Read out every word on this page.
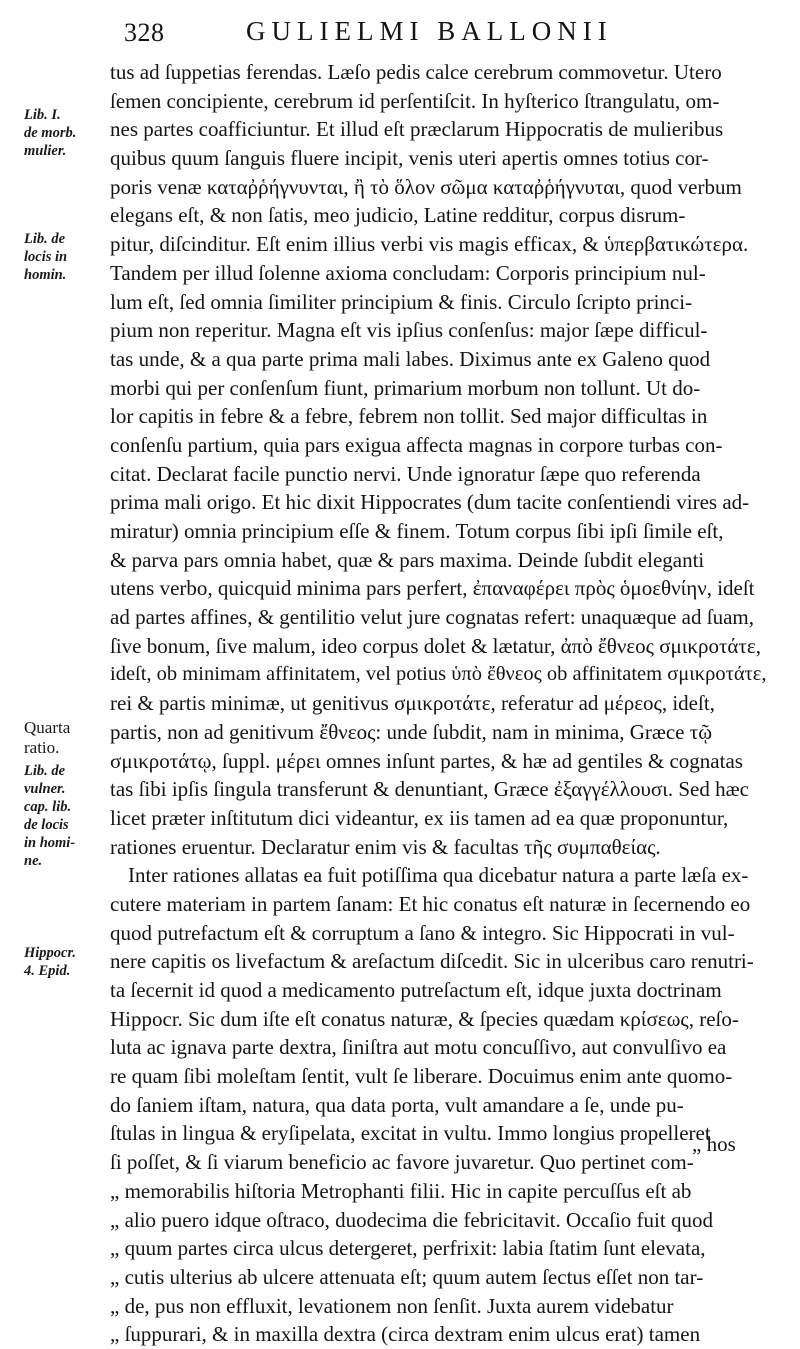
328	GULIELMI BALLONII
Lib. I.
de morb.
mulier.
Lib. de
locis in
homin.
Quarta
ratio.
Lib. de
vulner.
cap. lib.
de locis
in homi-
ne.
Hippocr.
4. Epid.
tus ad ſuppetias ferendas. Læſo pedis calce cerebrum commovetur. Utero
ſemen concipiente, cerebrum id perſentiſcit. In hyſterico ſtrangulatu, om-
nes partes coafficiuntur. Et illud eſt præclarum Hippocratis de mulieribus
quibus quum ſanguis fluere incipit, venis uteri apertis omnes totius cor-
poris venæ καταῤῥήγνυνται, ἢ τὸ ὅλον σῶμα καταῤῥήγνυται, quod verbum
elegans eſt, & non ſatis, meo judicio, Latine redditur, corpus disrum-
pitur, diſcinditur. Eſt enim illius verbi vis magis efficax, & ὑπερβατικώτερα.
Tandem per illud ſolenne axioma concludam: Corporis principium nul-
lum eſt, ſed omnia ſimiliter principium & finis. Circulo ſcripto princi-
pium non reperitur. Magna eſt vis ipſius conſenſus: major ſæpe difficul-
tas unde, & a qua parte prima mali labes. Diximus ante ex Galeno quod
morbi qui per conſenſum fiunt, primarium morbum non tollunt. Ut do-
lor capitis in febre & a febre, febrem non tollit. Sed major difficultas in
conſenſu partium, quia pars exigua affecta magnas in corpore turbas con-
citat. Declarat facile punctio nervi. Unde ignoratur ſæpe quo referenda
prima mali origo. Et hic dixit Hippocrates (dum tacite conſentiendi vires ad-
miratur) omnia principium eſſe & finem. Totum corpus ſibi ipſi ſimile eſt,
& parva pars omnia habet, quæ & pars maxima. Deinde ſubdit eleganti
utens verbo, quicquid minima pars perfert, ἐπαναφέρει πρὸς ὁμοεθνίην, ideſt
ad partes affines, & gentilitio velut jure cognatas refert: unaquæque ad ſuam,
ſive bonum, ſive malum, ideo corpus dolet & lætatur, ἀπὸ ἔθνεος σμικροτάτε,
ideſt, ob minimam affinitatem, vel potius ὑπὸ ἔθνεος ob affinitatem σμικροτάτε,
rei & partis minimæ, ut genitivus σμικροτάτε, referatur ad μέρεος, ideſt,
partis, non ad genitivum ἔθνεος: unde ſubdit, nam in minima, Græce τῷ
σμικροτάτῳ, ſuppl. μέρει omnes inſunt partes, & hæ ad gentiles & cognatas
tas ſibi ipſis ſingula transferunt & denuntiant, Græce ἐξαγγέλλουσι. Sed hæc
licet præter inſtitutum dici videantur, ex iis tamen ad ea quæ proponuntur,
rationes eruentur. Declaratur enim vis & facultas τῆς συμπαθείας.
Inter rationes allatas ea fuit potiſſima qua dicebatur natura a parte læſa ex-
cutere materiam in partem ſanam: Et hic conatus eſt naturæ in ſecernendo eo
quod putrefactum eſt & corruptum a ſano & integro. Sic Hippocrati in vul-
nere capitis os livefactum & areſactum diſcedit. Sic in ulceribus caro renutri-
ta ſecernit id quod a medicamento putreſactum eſt, idque juxta doctrinam
Hippocr. Sic dum iſte eſt conatus naturæ, & ſpecies quædam κρίσεως, reſo-
luta ac ignava parte dextra, ſiniſtra aut motu concuſſivo, aut convulſivo ea
re quam ſibi moleſtam ſentit, vult ſe liberare. Docuimus enim ante quomo-
do ſaniem iſtam, natura, qua data porta, vult amandare a ſe, unde pu-
ſtulas in lingua & eryſipelata, excitat in vultu. Immo longius propelleret
ſi poſſet, & ſi viarum beneficio ac favore juvaretur. Quo pertinet com-
„ memorabilis hiſtoria Metrophanti filii. Hic in capite percuſſus eſt ab
„ alio puero idque oſtraco, duodecima die febricitavit. Occaſio fuit quod
„ quum partes circa ulcus detergeret, perfrixit: labia ſtatim ſunt elevata,
„ cutis ulterius ab ulcere attenuata eſt; quum autem ſectus eſſet non tar-
„ de, pus non effluxit, levationem non ſenſit. Juxta aurem videbatur
„ ſuppurari, & in maxilla dextra (circa dextram enim ulcus erat) tamen
„ hos
